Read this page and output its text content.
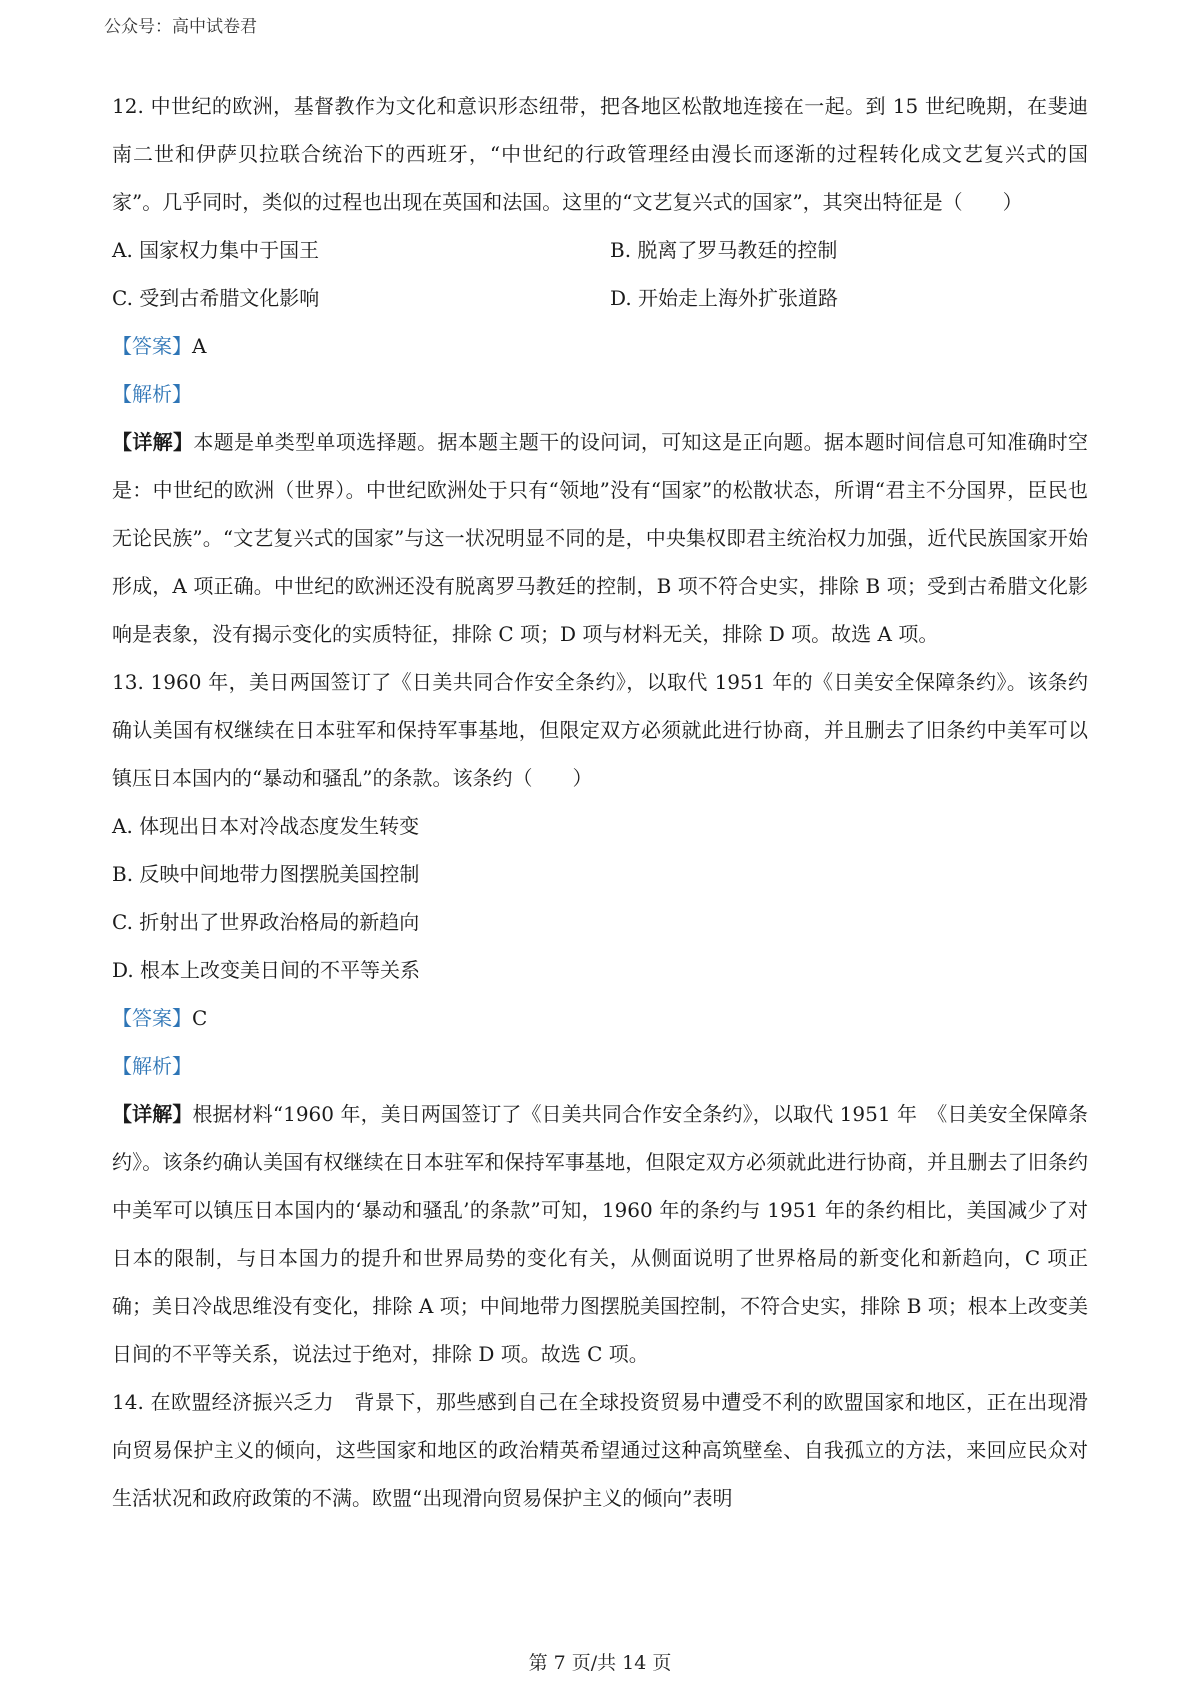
公众号：高中试卷君

12. 中世纪的欧洲，基督教作为文化和意识形态纽带，把各地区松散地连接在一起。到 15 世纪晚期，在斐迪南二世和伊萨贝拉联合统治下的西班牙，“中世纪的行政管理经由漫长而逐渐的过程转化成文艺复兴式的国家”。几乎同时，类似的过程也出现在英国和法国。这里的“文艺复兴式的国家”，其突出特征是（　　）

A. 国家权力集中于国王	B. 脱离了罗马教廷的控制
C. 受到古希腊文化影响	D. 开始走上海外扩张道路

【答案】A

【解析】

【详解】本题是单类型单项选择题。据本题主题干的设问词，可知这是正向题。据本题时间信息可知准确时空是：中世纪的欧洲（世界）。中世纪欧洲处于只有“领地”没有“国家”的松散状态，所谓“君主不分国界，臣民也无论民族”。“文艺复兴式的国家”与这一状况明显不同的是，中央集权即君主统治权力加强，近代民族国家开始形成，A 项正确。中世纪的欧洲还没有脱离罗马教廷的控制，B 项不符合史实，排除 B 项；受到古希腊文化影响是表象，没有揭示变化的实质特征，排除 C 项；D 项与材料无关，排除 D 项。故选 A 项。

13. 1960 年，美日两国签订了《日美共同合作安全条约》，以取代 1951 年的《日美安全保障条约》。该条约确认美国有权继续在日本驻军和保持军事基地，但限定双方必须就此进行协商，并且删去了旧条约中美军可以镇压日本国内的“暴动和骚乱”的条款。该条约（　　）

A. 体现出日本对冷战态度发生转变
B. 反映中间地带力图摆脱美国控制
C. 折射出了世界政治格局的新趋向
D. 根本上改变美日间的不平等关系

【答案】C

【解析】

【详解】根据材料“1960 年，美日两国签订了《日美共同合作安全条约》，以取代 1951 年　《日美安全保障条约》。该条约确认美国有权继续在日本驻军和保持军事基地，但限定双方必须就此进行协商，并且删去了旧条约中美军可以镇压日本国内的‘暴动和骚乱’的条款”可知，1960 年的条约与 1951 年的条约相比，美国减少了对日本的限制，与日本国力的提升和世界局势的变化有关，从侧面说明了世界格局的新变化和新趋向，C 项正确；美日冷战思维没有变化，排除 A 项；中间地带力图摆脱美国控制，不符合史实，排除 B 项；根本上改变美日间的不平等关系，说法过于绝对，排除 D 项。故选 C 项。

14. 在欧盟经济振兴乏力　背景下，那些感到自己在全球投资贸易中遭受不利的欧盟国家和地区，正在出现滑向贸易保护主义的倾向，这些国家和地区的政治精英希望通过这种高筑壁垒、自我孤立的方法，来回应民众对生活状况和政府政策的不满。欧盟“出现滑向贸易保护主义的倾向”表明

第 7 页/共 14 页
